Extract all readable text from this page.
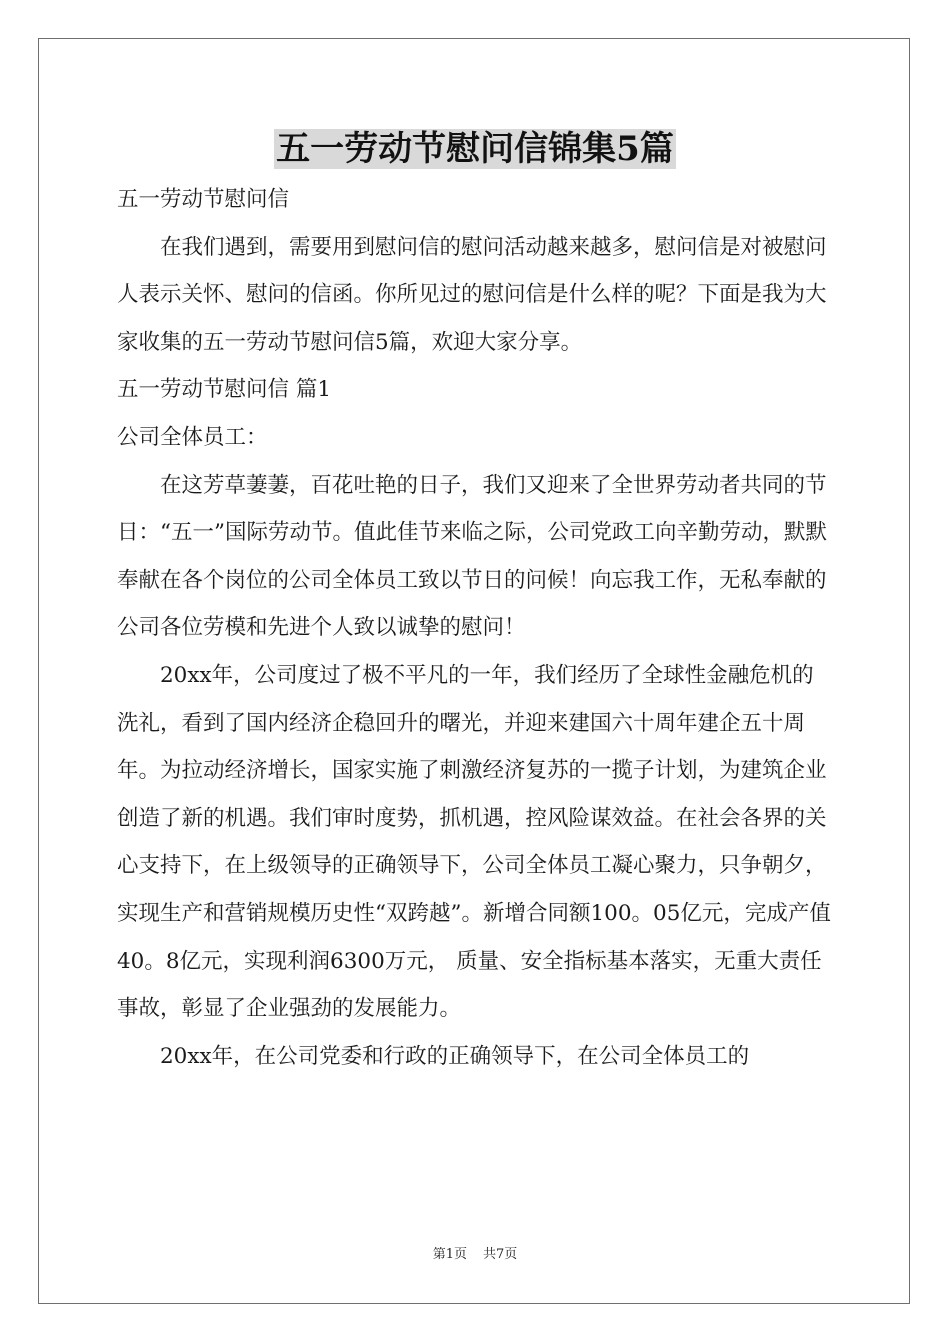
五一劳动节慰问信锦集5篇

五一劳动节慰问信

在我们遇到，需要用到慰问信的慰问活动越来越多，慰问信是对被慰问人表示关怀、慰问的信函。你所见过的慰问信是什么样的呢？下面是我为大家收集的五一劳动节慰问信5篇，欢迎大家分享。

五一劳动节慰问信 篇1

公司全体员工：

在这芳草萋萋，百花吐艳的日子，我们又迎来了全世界劳动者共同的节日：“五一”国际劳动节。值此佳节来临之际，公司党政工向辛勤劳动，默默奉献在各个岗位的公司全体员工致以节日的问候！向忘我工作，无私奉献的公司各位劳模和先进个人致以诚挚的慰问！

20xx年，公司度过了极不平凡的一年，我们经历了全球性金融危机的洗礼，看到了国内经济企稳回升的曙光，并迎来建国六十周年建企五十周年。为拉动经济增长，国家实施了刺激经济复苏的一揽子计划，为建筑企业创造了新的机遇。我们审时度势，抓机遇，控风险谋效益。在社会各界的关心支持下，在上级领导的正确领导下，公司全体员工凝心聚力，只争朝夕，实现生产和营销规模历史性“双跨越”。新增合同额100。05亿元，完成产值40。8亿元，实现利润6300万元， 质量、安全指标基本落实，无重大责任事故，彰显了企业强劲的发展能力。

20xx年，在公司党委和行政的正确领导下，在公司全体员工的

第1页 共7页
